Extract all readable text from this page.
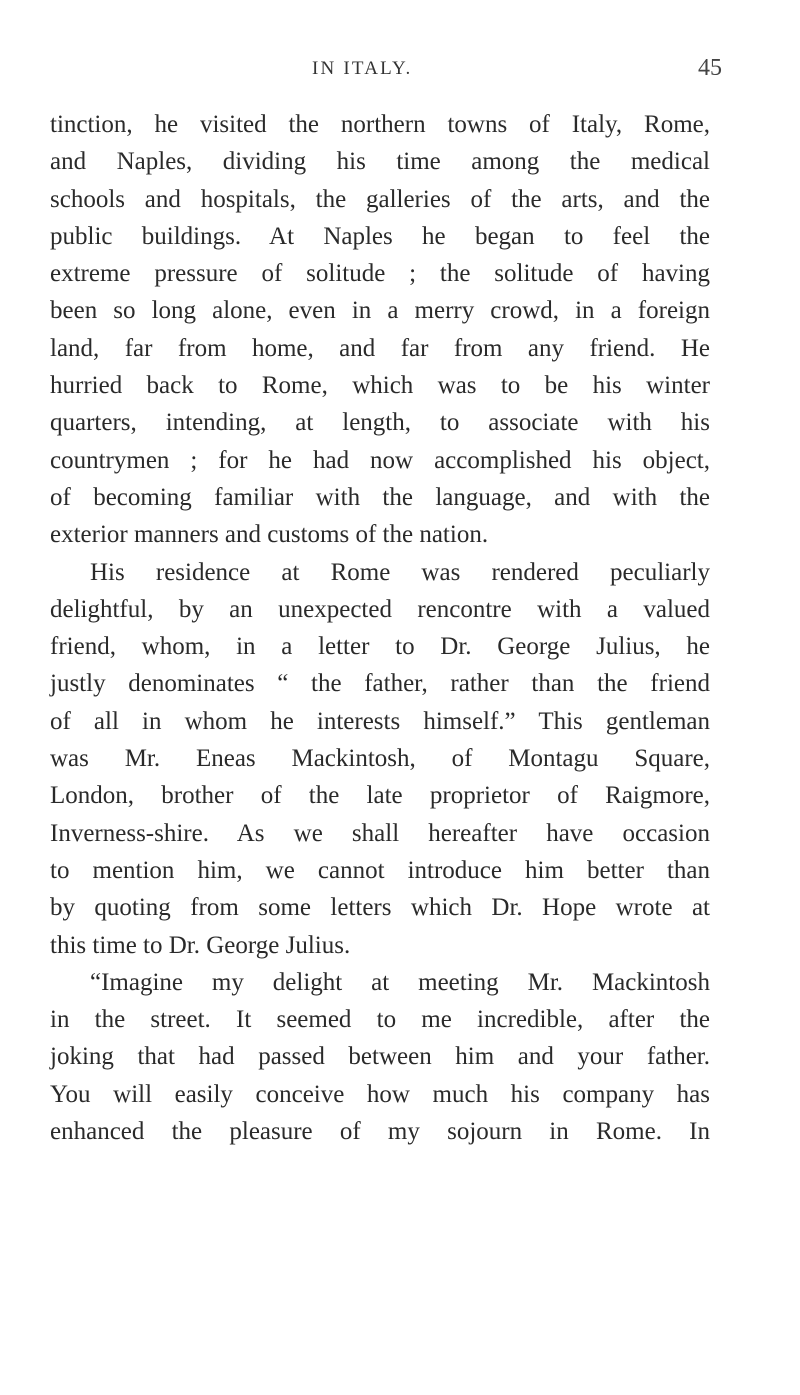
IN ITALY.	45
tinction, he visited the northern towns of Italy, Rome,
and Naples, dividing his time among the medical
schools and hospitals, the galleries of the arts, and the
public buildings. At Naples he began to feel the
extreme pressure of solitude ; the solitude of having
been so long alone, even in a merry crowd, in a foreign
land, far from home, and far from any friend. He
hurried back to Rome, which was to be his winter
quarters, intending, at length, to associate with his
countrymen ; for he had now accomplished his object,
of becoming familiar with the language, and with the
exterior manners and customs of the nation.
His residence at Rome was rendered peculiarly
delightful, by an unexpected rencontre with a valued
friend, whom, in a letter to Dr. George Julius, he
justly denominates “ the father, rather than the friend
of all in whom he interests himself.” This gentleman
was Mr. Eneas Mackintosh, of Montagu Square,
London, brother of the late proprietor of Raigmore,
Inverness-shire. As we shall hereafter have occasion
to mention him, we cannot introduce him better than
by quoting from some letters which Dr. Hope wrote at
this time to Dr. George Julius.
“Imagine my delight at meeting Mr. Mackintosh
in the street. It seemed to me incredible, after the
joking that had passed between him and your father.
You will easily conceive how much his company has
enhanced the pleasure of my sojourn in Rome. In
